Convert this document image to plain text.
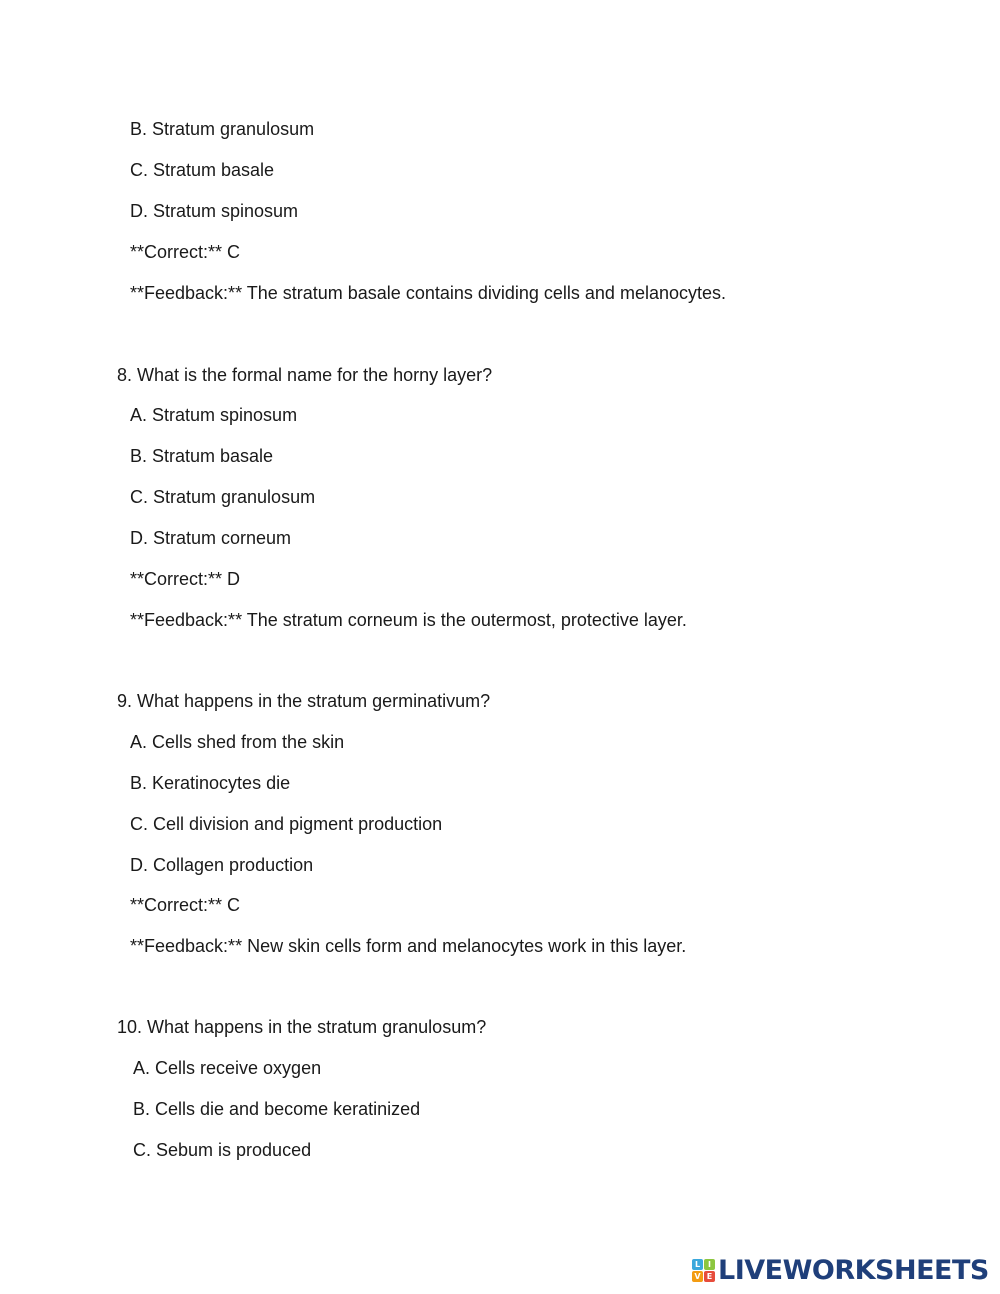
B. Stratum granulosum
C. Stratum basale
D. Stratum spinosum
**Correct:** C
**Feedback:** The stratum basale contains dividing cells and melanocytes.
8. What is the formal name for the horny layer?
A. Stratum spinosum
B. Stratum basale
C. Stratum granulosum
D. Stratum corneum
**Correct:** D
**Feedback:** The stratum corneum is the outermost, protective layer.
9. What happens in the stratum germinativum?
A. Cells shed from the skin
B. Keratinocytes die
C. Cell division and pigment production
D. Collagen production
**Correct:** C
**Feedback:** New skin cells form and melanocytes work in this layer.
10. What happens in the stratum granulosum?
A. Cells receive oxygen
B. Cells die and become keratinized
C. Sebum is produced
L I
V E LIVEWORKSHEETS
